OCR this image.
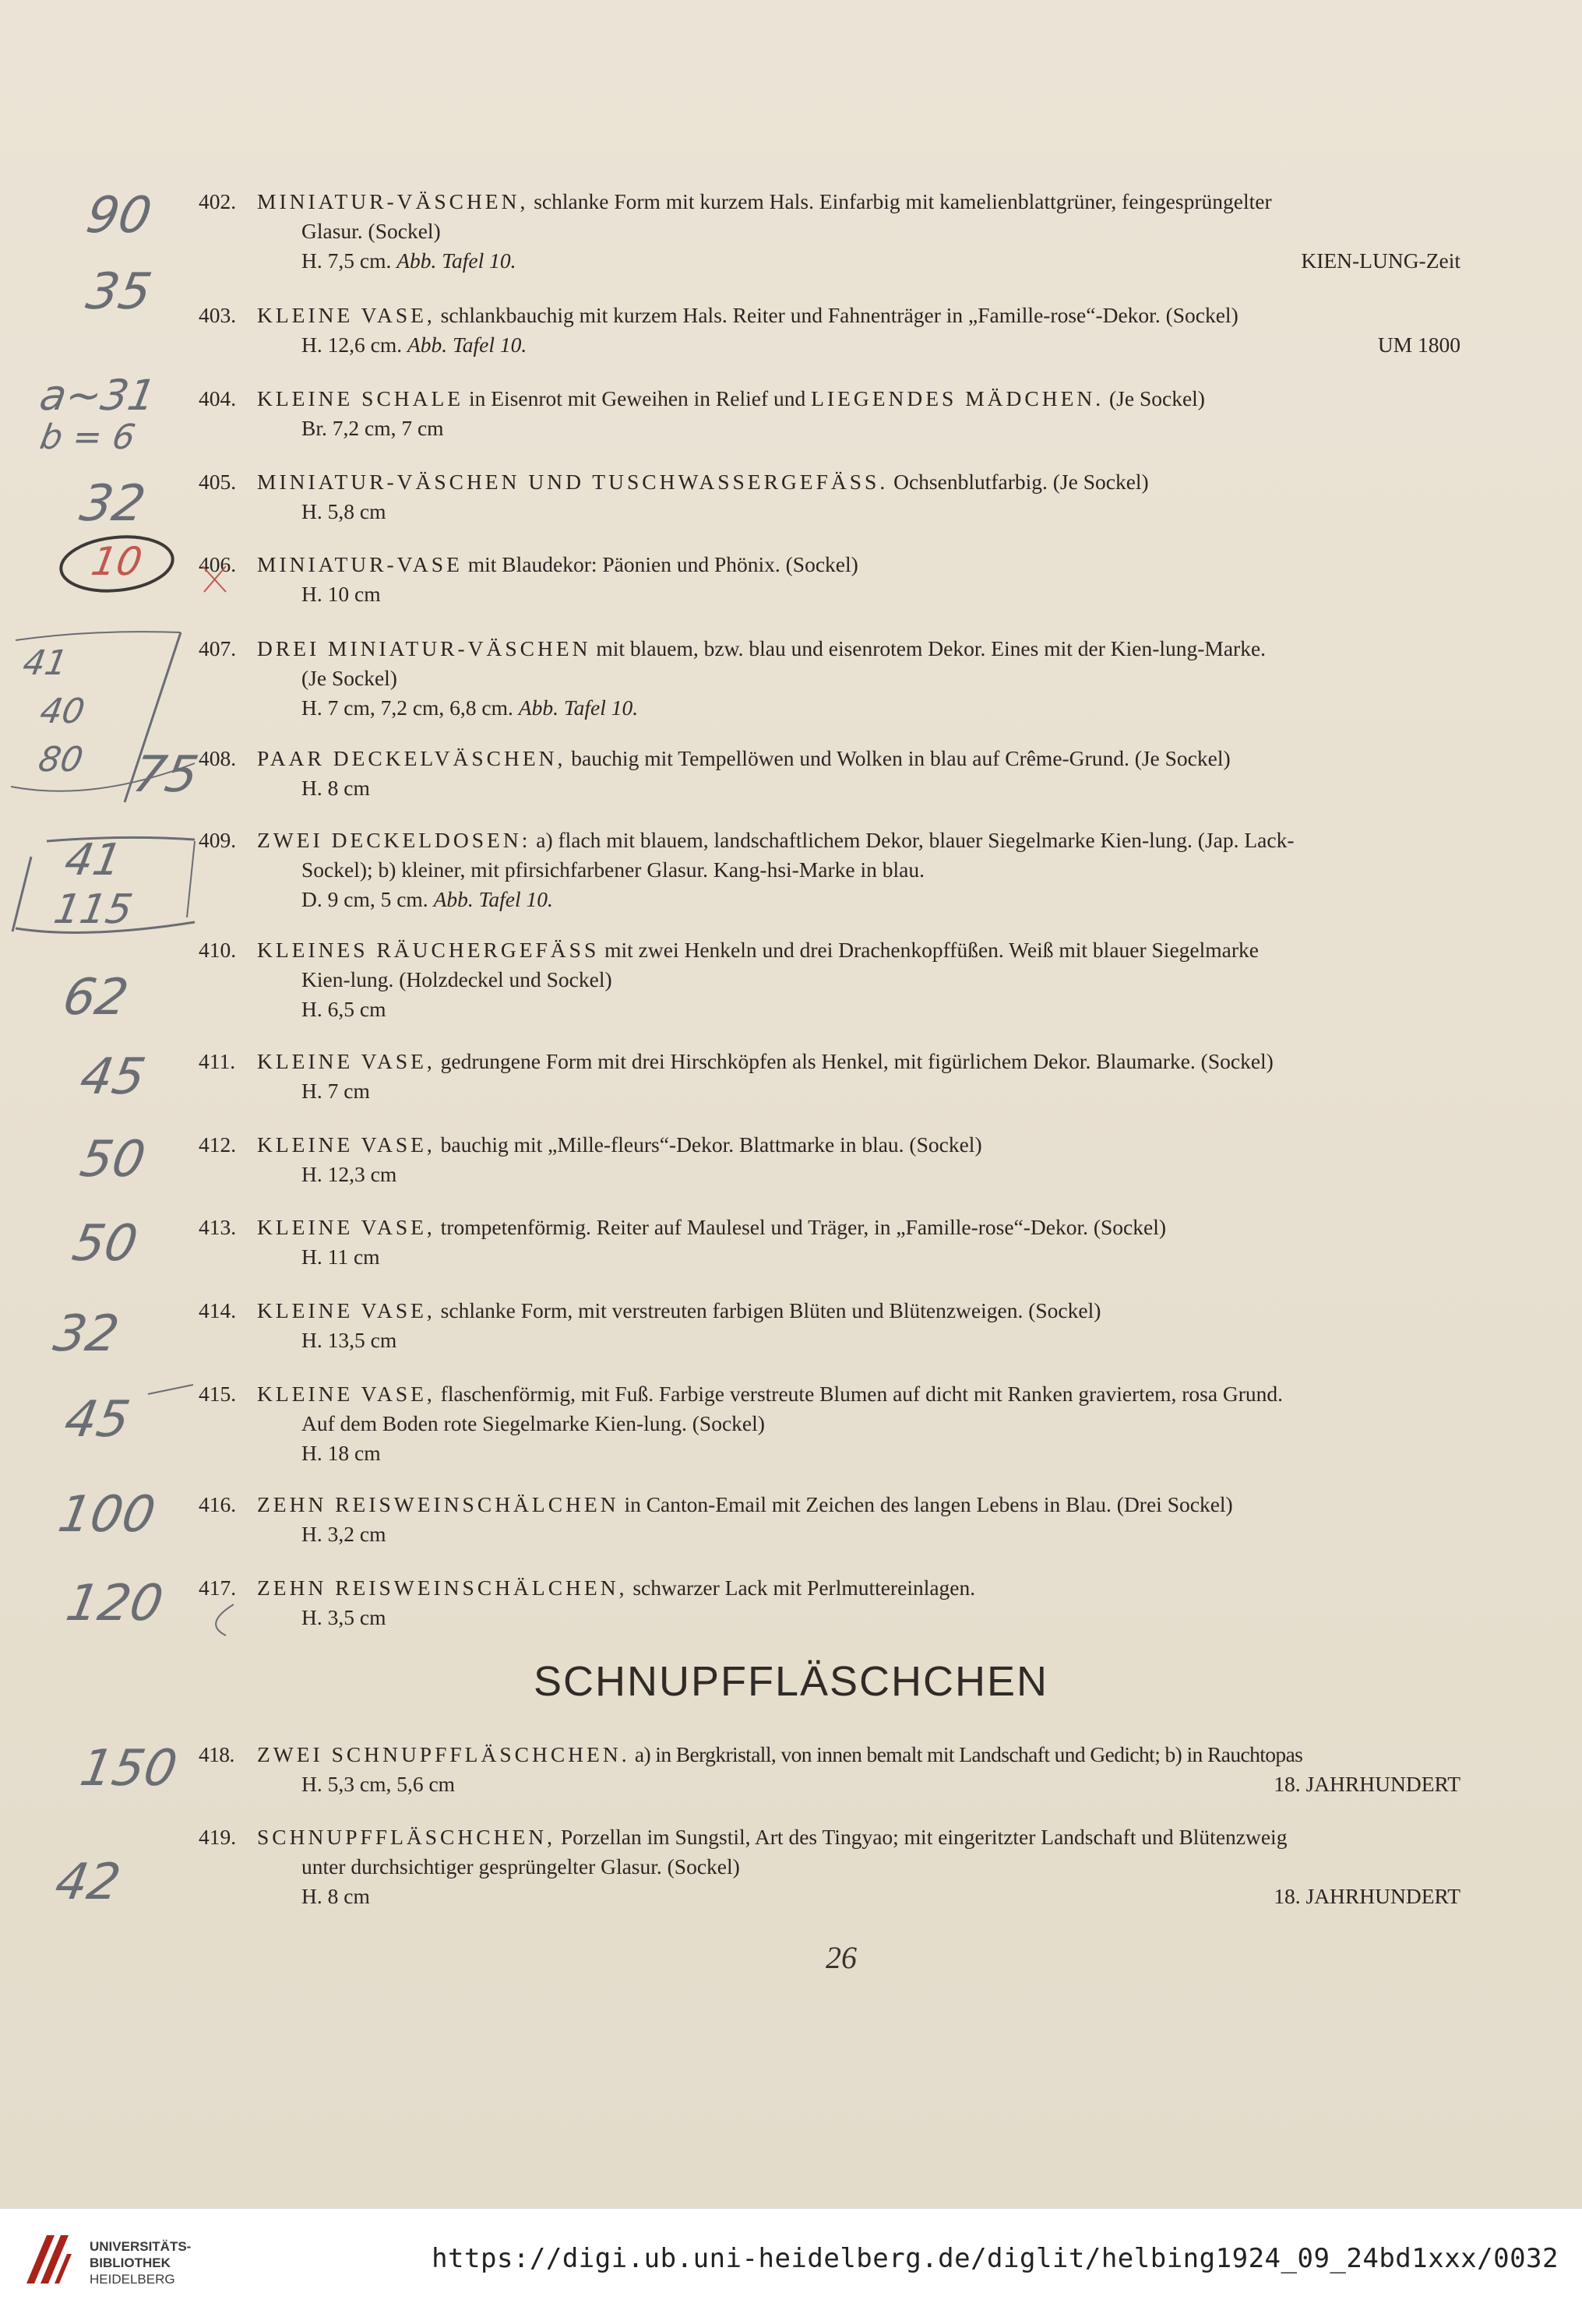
402. MINIATUR-VÄSCHEN, schlanke Form mit kurzem Hals. Einfarbig mit kamelienblattgrüner, feingesprüngelter
Glasur. (Sockel)
H. 7,5 cm. Abb. Tafel 10.	KIEN-LUNG-Zeit
403. KLEINE VASE, schlankbauchig mit kurzem Hals. Reiter und Fahnenträger in „Famille-rose“-Dekor. (Sockel)
H. 12,6 cm. Abb. Tafel 10.	UM 1800
404. KLEINE SCHALE in Eisenrot mit Geweihen in Relief und LIEGENDES MÄDCHEN. (Je Sockel)
Br. 7,2 cm, 7 cm
405. MINIATUR-VÄSCHEN UND TUSCHWASSERGEFÄSS. Ochsenblutfarbig. (Je Sockel)
H. 5,8 cm
406. MINIATUR-VASE mit Blaudekor: Päonien und Phönix. (Sockel)
H. 10 cm
407. DREI MINIATUR-VÄSCHEN mit blauem, bzw. blau und eisenrotem Dekor. Eines mit der Kien-lung-Marke.
(Je Sockel)
H. 7 cm, 7,2 cm, 6,8 cm. Abb. Tafel 10.
408. PAAR DECKELVÄSCHEN, bauchig mit Tempellöwen und Wolken in blau auf Crême-Grund. (Je Sockel)
H. 8 cm
409. ZWEI DECKELDOSEN: a) flach mit blauem, landschaftlichem Dekor, blauer Siegelmarke Kien-lung. (Jap. Lack-
Sockel); b) kleiner, mit pfirsichfarbener Glasur. Kang-hsi-Marke in blau.
D. 9 cm, 5 cm. Abb. Tafel 10.
410. KLEINES RÄUCHERGEFÄSS mit zwei Henkeln und drei Drachenkopffüßen. Weiß mit blauer Siegelmarke
Kien-lung. (Holzdeckel und Sockel)
H. 6,5 cm
411. KLEINE VASE, gedrungene Form mit drei Hirschköpfen als Henkel, mit figürlichem Dekor. Blaumarke. (Sockel)
H. 7 cm
412. KLEINE VASE, bauchig mit „Mille-fleurs“-Dekor. Blattmarke in blau. (Sockel)
H. 12,3 cm
413. KLEINE VASE, trompetenförmig. Reiter auf Maulesel und Träger, in „Famille-rose“-Dekor. (Sockel)
H. 11 cm
414. KLEINE VASE, schlanke Form, mit verstreuten farbigen Blüten und Blütenzweigen. (Sockel)
H. 13,5 cm
415. KLEINE VASE, flaschenförmig, mit Fuß. Farbige verstreute Blumen auf dicht mit Ranken graviertem, rosa Grund.
Auf dem Boden rote Siegelmarke Kien-lung. (Sockel)
H. 18 cm
416. ZEHN REISWEINSCHÄLCHEN in Canton-Email mit Zeichen des langen Lebens in Blau. (Drei Sockel)
H. 3,2 cm
417. ZEHN REISWEINSCHÄLCHEN, schwarzer Lack mit Perlmuttereinlagen.
H. 3,5 cm
418. ZWEI SCHNUPFFLÄSCHCHEN. a) in Bergkristall, von innen bemalt mit Landschaft und Gedicht; b) in Rauchtopas
H. 5,3 cm, 5,6 cm	18. JAHRHUNDERT
419. SCHNUPFFLÄSCHCHEN, Porzellan im Sungstil, Art des Tingyao; mit eingeritzter Landschaft und Blütenzweig
unter durchsichtiger gesprüngelter Glasur. (Sockel)
H. 8 cm	18. JAHRHUNDERT
SCHNUPFFLÄSCHCHEN
26
90
35
a~31
b = 6
32
10
41
40
80 75
41
115
62
45
50
50
32
45
100
120
150
42
UNIVERSITÄTS-
BIBLIOTHEK
HEIDELBERG
https://digi.ub.uni-heidelberg.de/diglit/helbing1924_09_24bd1xxx/0032
